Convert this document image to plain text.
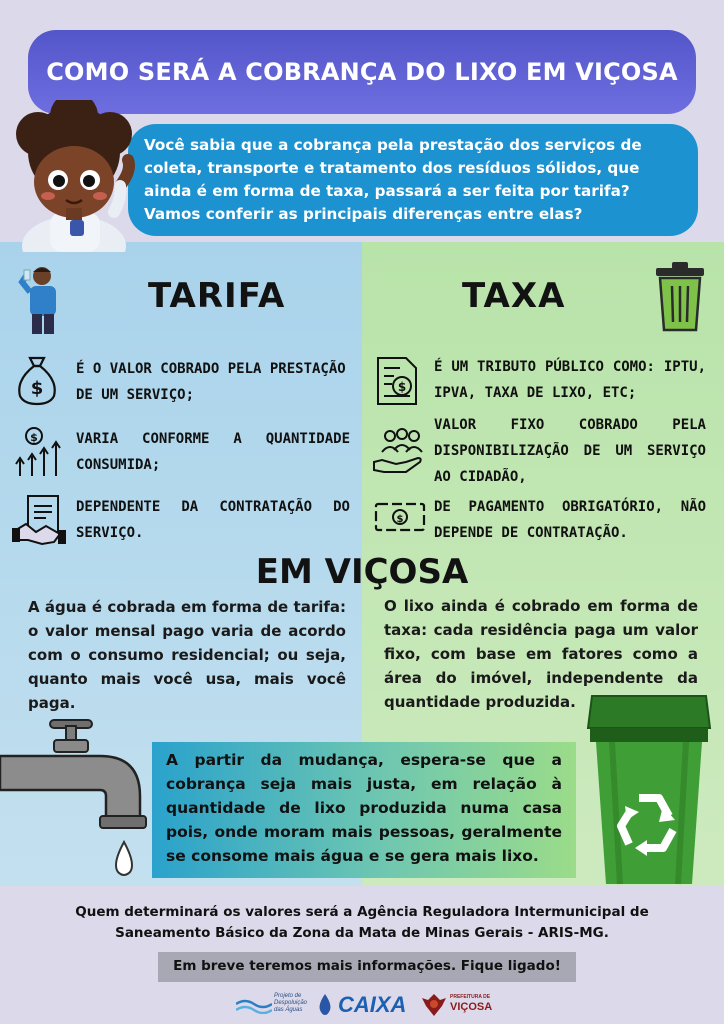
COMO SERÁ A COBRANÇA DO LIXO EM VIÇOSA

Você sabia que a cobrança pela prestação dos serviços de coleta, transporte e tratamento dos resíduos sólidos, que ainda é em forma de taxa, passará a ser feita por tarifa? Vamos conferir as principais diferenças entre elas?

TARIFA	TAXA
$
É O VALOR COBRADO PELA PRESTAÇÃO DE UM SERVIÇO;
$	VARIA CONFORME A QUANTIDADE CONSUMIDA;
DEPENDENTE DA CONTRATAÇÃO DO SERVIÇO.
$
É UM TRIBUTO PÚBLICO COMO: IPTU, IPVA, TAXA DE LIXO, ETC;
VALOR FIXO COBRADO PELA DISPONIBILIZAÇÃO DE UM SERVIÇO AO CIDADÃO,
$
DE PAGAMENTO OBRIGATÓRIO, NÃO DEPENDE DE CONTRATAÇÃO.
EM VIÇOSA
A água é cobrada em forma de tarifa: o valor mensal pago varia de acordo com o consumo residencial; ou seja, quanto mais você usa, mais você paga.
O lixo ainda é cobrado em forma de taxa: cada residência paga um valor fixo, com base em fatores como a área do imóvel, independente da quantidade produzida.

A partir da mudança, espera-se que a cobrança seja mais justa, em relação à quantidade de lixo produzida numa casa pois, onde moram mais pessoas, geralmente se consome mais água e se gera mais lixo.

Quem determinará os valores será a Agência Reguladora Intermunicipal de Saneamento Básico da Zona da Mata de Minas Gerais - ARIS-MG.
Em breve teremos mais informações. Fique ligado!
Projeto de Despoluição das Águas	CAIXA	PREFEITURA DE
VIÇOSA
